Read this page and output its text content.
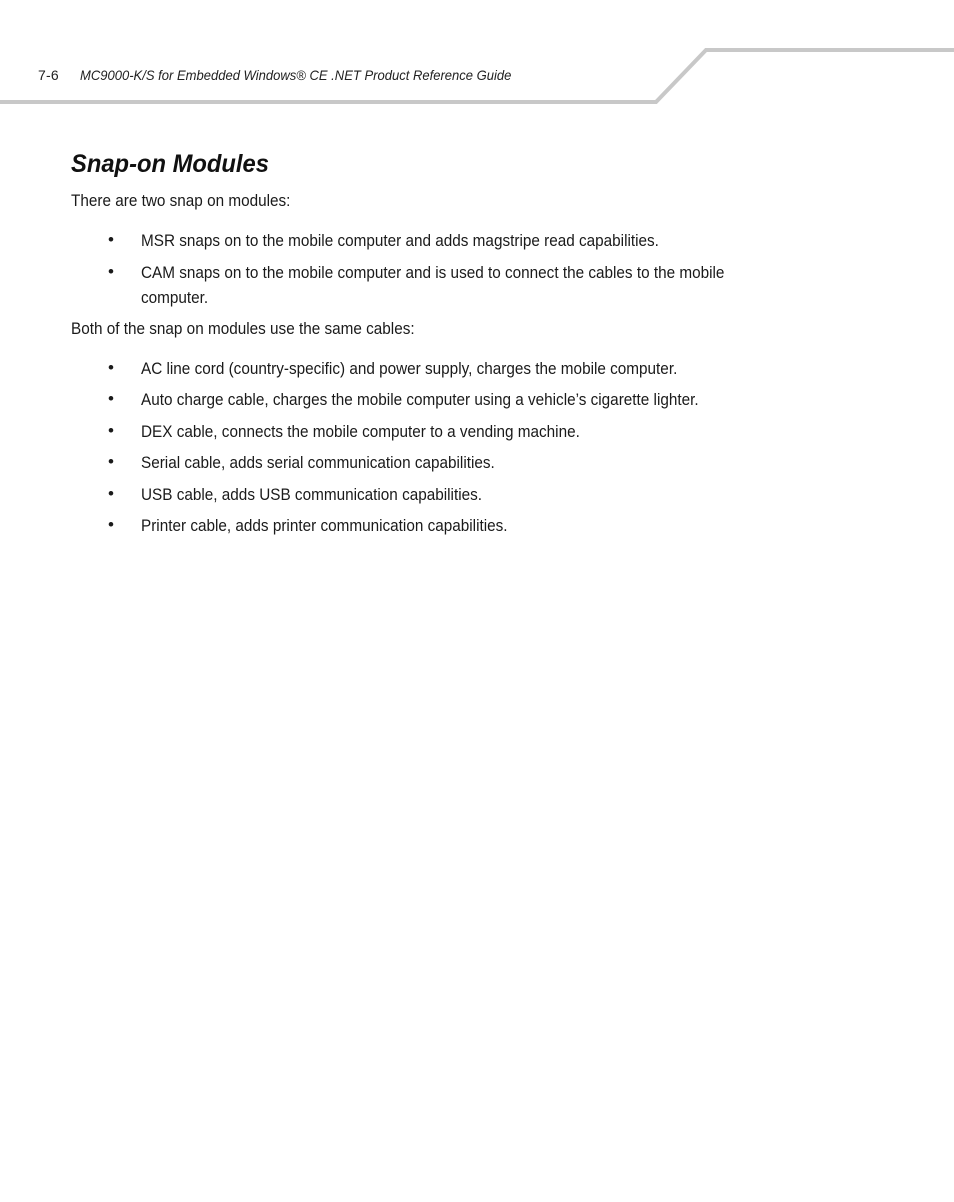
7-6 MC9000-K/S for Embedded Windows® CE .NET Product Reference Guide
Snap-on Modules

There are two snap on modules:

• MSR snaps on to the mobile computer and adds magstripe read capabilities.
• CAM snaps on to the mobile computer and is used to connect the cables to the mobile
computer.

Both of the snap on modules use the same cables:

• AC line cord (country-specific) and power supply, charges the mobile computer.
• Auto charge cable, charges the mobile computer using a vehicle’s cigarette lighter.
• DEX cable, connects the mobile computer to a vending machine.
• Serial cable, adds serial communication capabilities.
• USB cable, adds USB communication capabilities.
• Printer cable, adds printer communication capabilities.
